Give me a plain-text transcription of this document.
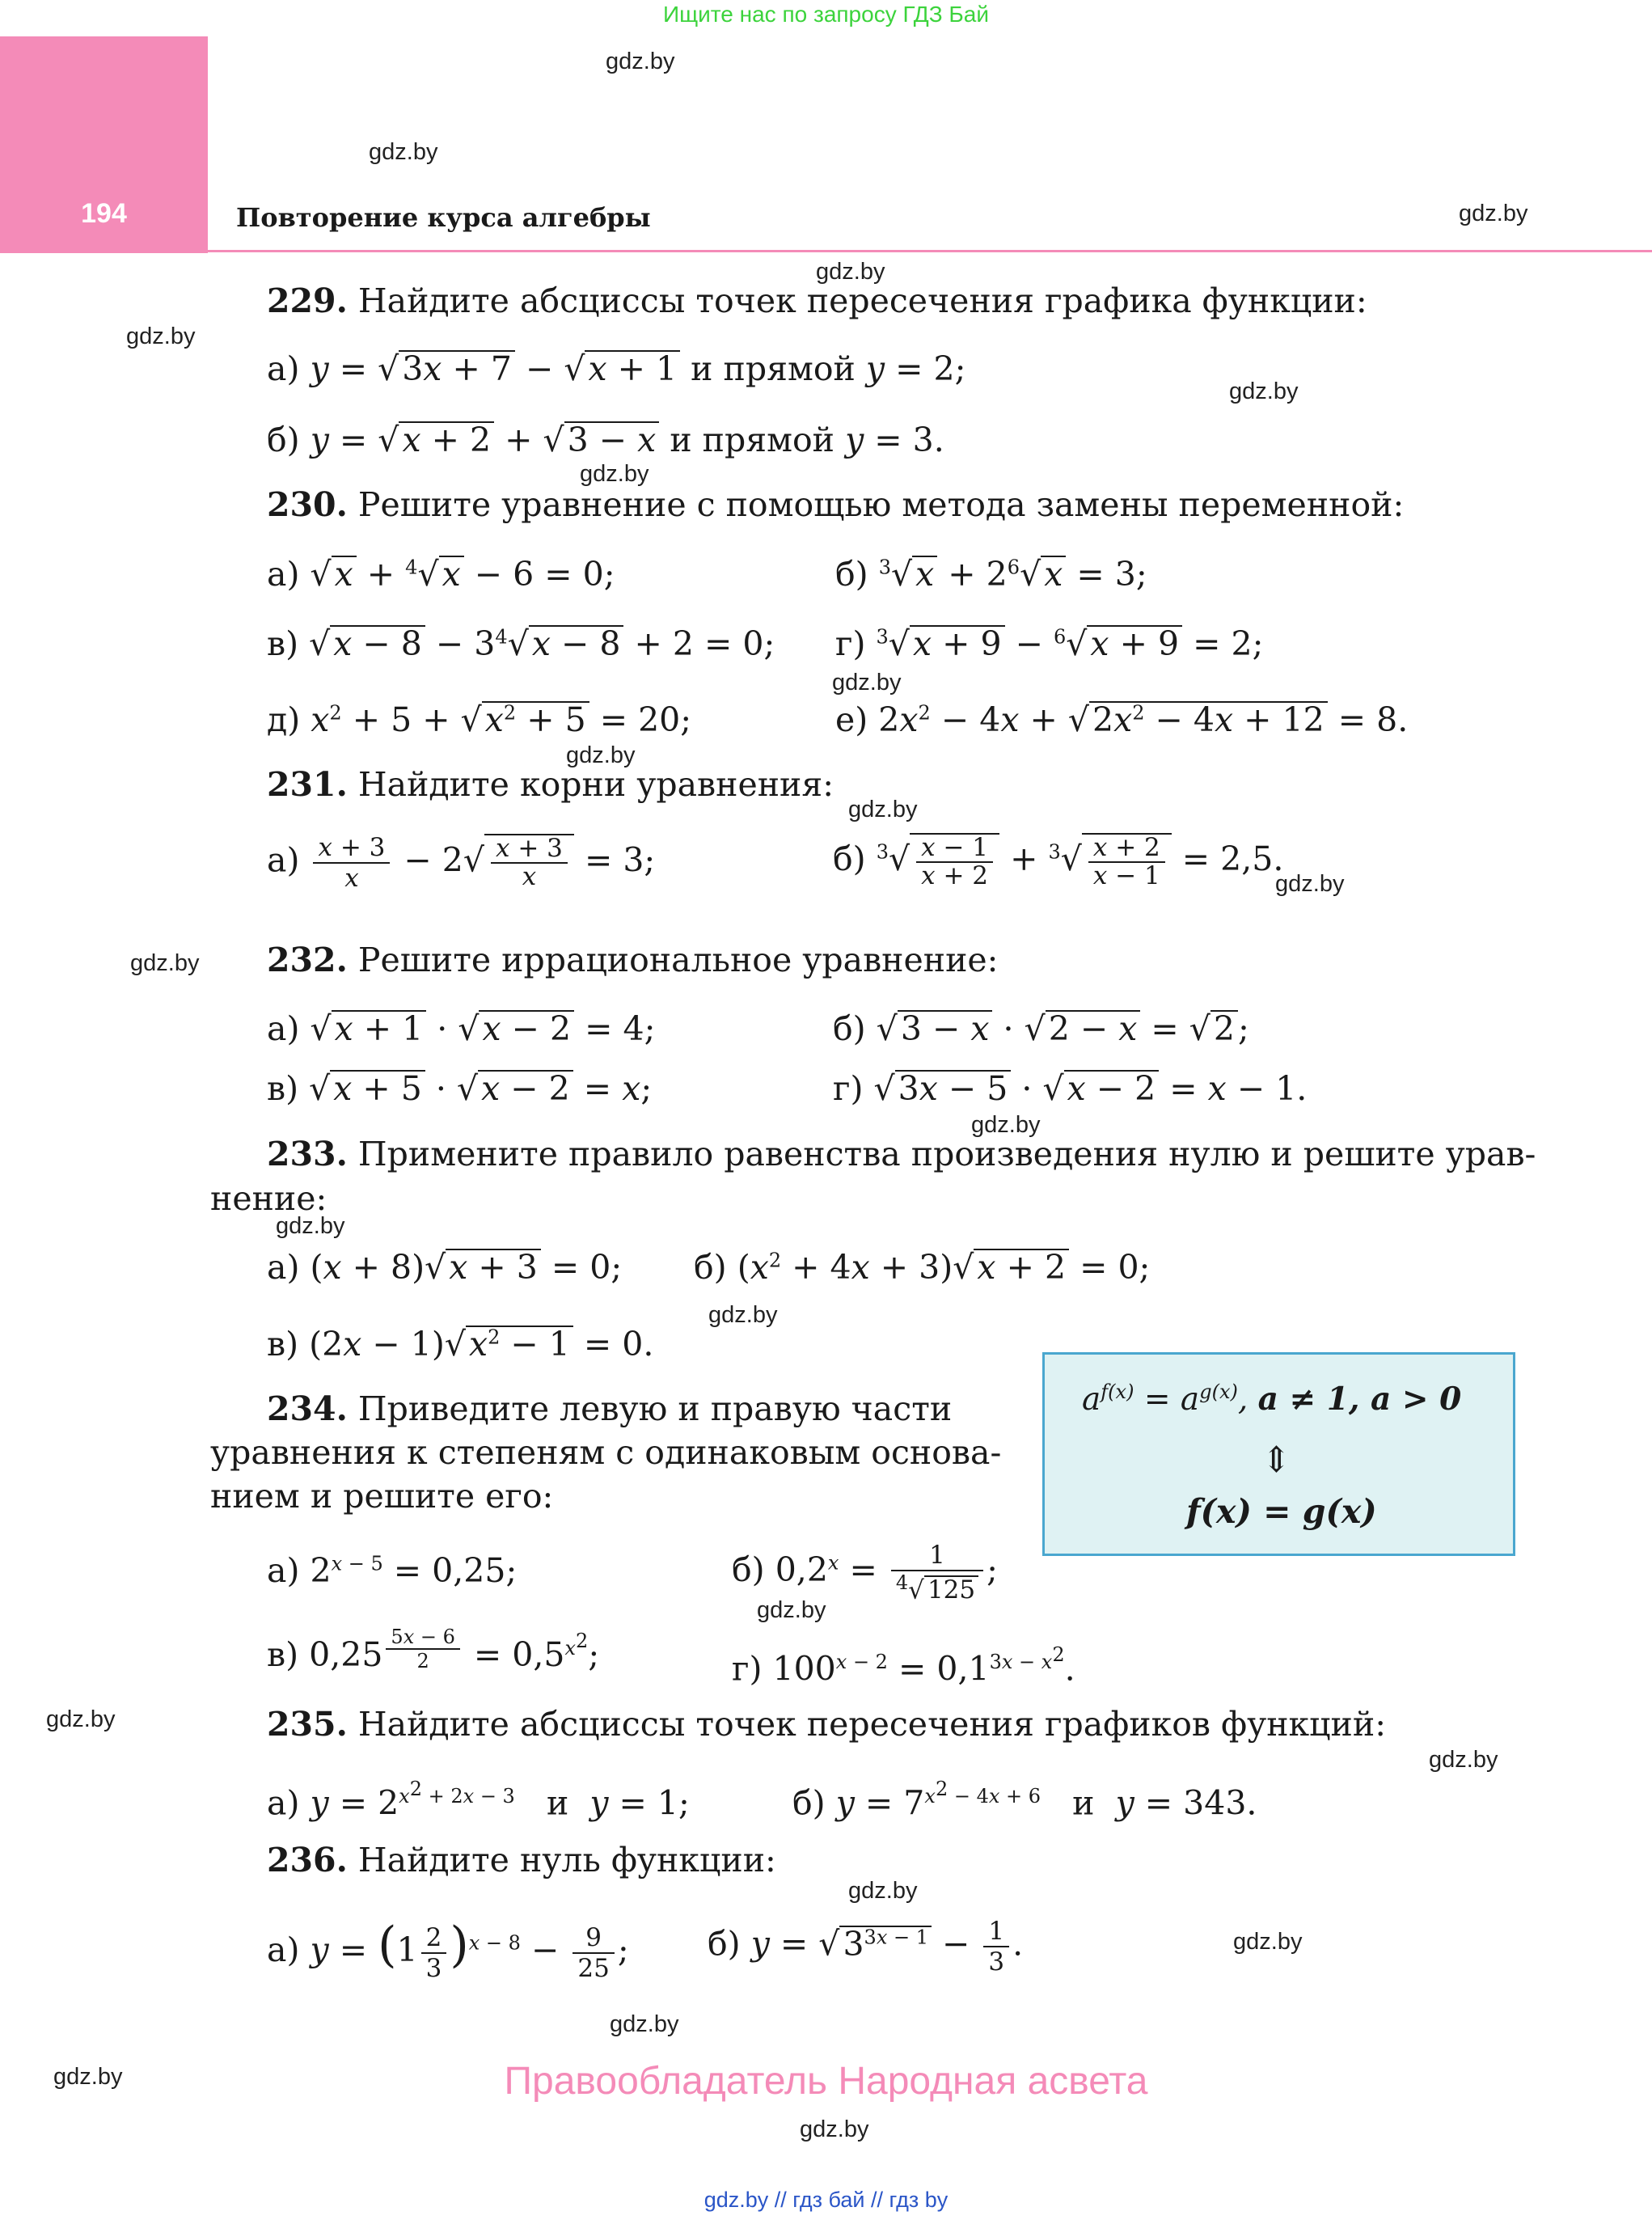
Ищите нас по запросу ГДЗ Бай
194	Повторение курса алгебры
gdz.by
gdz.by
gdz.by
gdz.by
gdz.by
gdz.by
gdz.by
gdz.by
gdz.by
gdz.by
gdz.by
gdz.by
gdz.by
gdz.by
gdz.by
gdz.by
gdz.by
gdz.by
gdz.by
gdz.by
gdz.by
gdz.by
gdz.by
229. Найдите абсциссы точек пересечения графика функции:
а) y = √3x + 7 − √x + 1 и прямой y = 2;
б) y = √x + 2 + √3 − x и прямой y = 3.
230. Решите уравнение с помощью метода замены переменной:
а) √x + $^4$√x − 6 = 0;	б) $^3√x + 2^6√x = 3$;
в) $√x - 8 - 3^4√x - 8 + 2 = 0$; г) $^3$√x + 9 − $^6$√x + 9 = 2;
д) $x^2 + 5 + √x^2 + 5 = 20$;	е) $2x^2 - 4x + √2x^2 - 4x + 12 = 8$.
231. Найдите корни уравнения:
$а) \frac{x + 3}{x} - 2√ \frac{x + 3}{x} = 3$;	б) $^3√ \frac{x - 1}{x + 2} + ^3√ \frac{x + 2}{x - 1} = 2,5$.
232. Решите иррациональное уравнение:
а) √x + 1 · √x − 2 = 4;	б) √3 − x · √2 − x = √2;
в) √x + 5 · √x − 2 = x;	г) √3x − 5 · √x − 2 = x − 1.
233. Примените правило равенства произведения нулю и решите урав-
нение:
а) (x + 8)√x + 3 = 0; б) $(x^2 + 4x + 3)√x + 2 = 0$;
в) $(2x - 1)√x^2 - 1 = 0$.
234. Приведите левую и правую части
уравнения к степеням с одинаковым основа-
нием и решите его:
$a^{f(x)} = a^{g(x)}$, a ≠ 1, a > 0
⇕
f(x) = g(x)
а) $2^{x - 5} = 0,25$;	б) $0,2^x = \frac{1}{^4√ 125}$ ;
в) 0,25 $^{\frac{5x - 6}{2}} = 0,5^{x^2}$;	г) $100^{x - 2} = 0,1^{3x - x^2}$.
235. Найдите абсциссы точек пересечения графиков функций:
а) $y = 2^{x^2 + 2x - 3}$ и y = 1;	б) $y = 7^{x^2 - 4x + 6}$ и y = 343.
236. Найдите нуль функции:
а) $y = (1 \frac{2}{3} )^{x - 8} - \frac{9}{25}$ ; б) $y = √3^{3x - 1} - \frac{1}{3}$ .
Правообладатель Народная асвета
gdz.by // гдз бай // гдз by
